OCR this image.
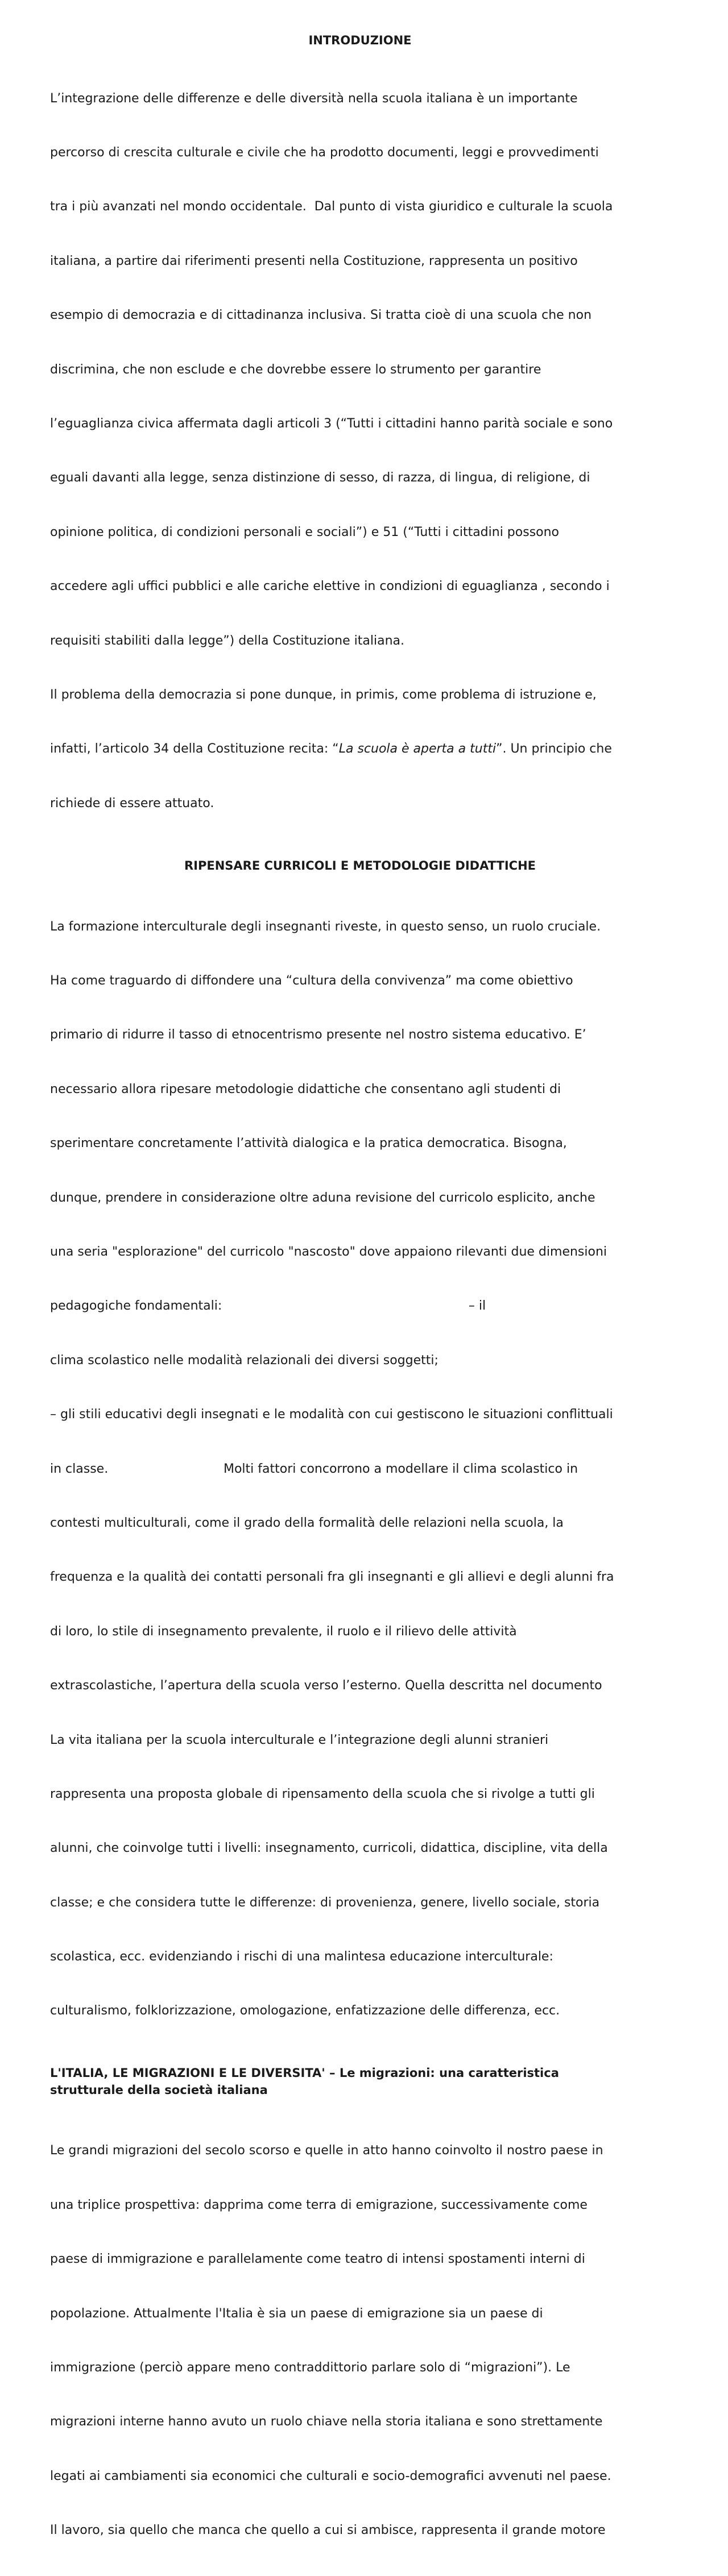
INTRODUZIONE

L’integrazione delle differenze e delle diversità nella scuola italiana è un importante

percorso di crescita culturale e civile che ha prodotto documenti, leggi e provvedimenti

tra i più avanzati nel mondo occidentale.  Dal punto di vista giuridico e culturale la scuola

italiana, a partire dai riferimenti presenti nella Costituzione, rappresenta un positivo

esempio di democrazia e di cittadinanza inclusiva. Si tratta cioè di una scuola che non

discrimina, che non esclude e che dovrebbe essere lo strumento per garantire

l’eguaglianza civica affermata dagli articoli 3 (“Tutti i cittadini hanno parità sociale e sono

eguali davanti alla legge, senza distinzione di sesso, di razza, di lingua, di religione, di

opinione politica, di condizioni personali e sociali”) e 51 (“Tutti i cittadini possono

accedere agli uffici pubblici e alle cariche elettive in condizioni di eguaglianza , secondo i

requisiti stabiliti dalla legge”) della Costituzione italiana.

Il problema della democrazia si pone dunque, in primis, come problema di istruzione e,

infatti, l’articolo 34 della Costituzione recita: “La scuola è aperta a tutti”. Un principio che

richiede di essere attuato.

RIPENSARE CURRICOLI E METODOLOGIE DIDATTICHE

La formazione interculturale degli insegnanti riveste, in questo senso, un ruolo cruciale.

Ha come traguardo di diffondere una “cultura della convivenza” ma come obiettivo

primario di ridurre il tasso di etnocentrismo presente nel nostro sistema educativo. E’

necessario allora ripesare metodologie didattiche che consentano agli studenti di

sperimentare concretamente l’attività dialogica e la pratica democratica. Bisogna,

dunque, prendere in considerazione oltre aduna revisione del curricolo esplicito, anche

una seria "esplorazione" del curricolo "nascosto" dove appaiono rilevanti due dimensioni

pedagogiche fondamentali:                                                              – il

clima scolastico nelle modalità relazionali dei diversi soggetti;

– gli stili educativi degli insegnati e le modalità con cui gestiscono le situazioni conflittuali

in classe.                             Molti fattori concorrono a modellare il clima scolastico in

contesti multiculturali, come il grado della formalità delle relazioni nella scuola, la

frequenza e la qualità dei contatti personali fra gli insegnanti e gli allievi e degli alunni fra

di loro, lo stile di insegnamento prevalente, il ruolo e il rilievo delle attività

extrascolastiche, l’apertura della scuola verso l’esterno. Quella descritta nel documento

La vita italiana per la scuola interculturale e l’integrazione degli alunni stranieri

rappresenta una proposta globale di ripensamento della scuola che si rivolge a tutti gli

alunni, che coinvolge tutti i livelli: insegnamento, curricoli, didattica, discipline, vita della

classe; e che considera tutte le differenze: di provenienza, genere, livello sociale, storia

scolastica, ecc. evidenziando i rischi di una malintesa educazione interculturale:

culturalismo, folklorizzazione, omologazione, enfatizzazione delle differenza, ecc.

L'ITALIA, LE MIGRAZIONI E LE DIVERSITA' – Le migrazioni: una caratteristica
strutturale della società italiana

Le grandi migrazioni del secolo scorso e quelle in atto hanno coinvolto il nostro paese in

una triplice prospettiva: dapprima come terra di emigrazione, successivamente come

paese di immigrazione e parallelamente come teatro di intensi spostamenti interni di

popolazione. Attualmente l'Italia è sia un paese di emigrazione sia un paese di

immigrazione (perciò appare meno contraddittorio parlare solo di “migrazioni”). Le

migrazioni interne hanno avuto un ruolo chiave nella storia italiana e sono strettamente

legati ai cambiamenti sia economici che culturali e socio-demografici avvenuti nel paese.

Il lavoro, sia quello che manca che quello a cui si ambisce, rappresenta il grande motore
